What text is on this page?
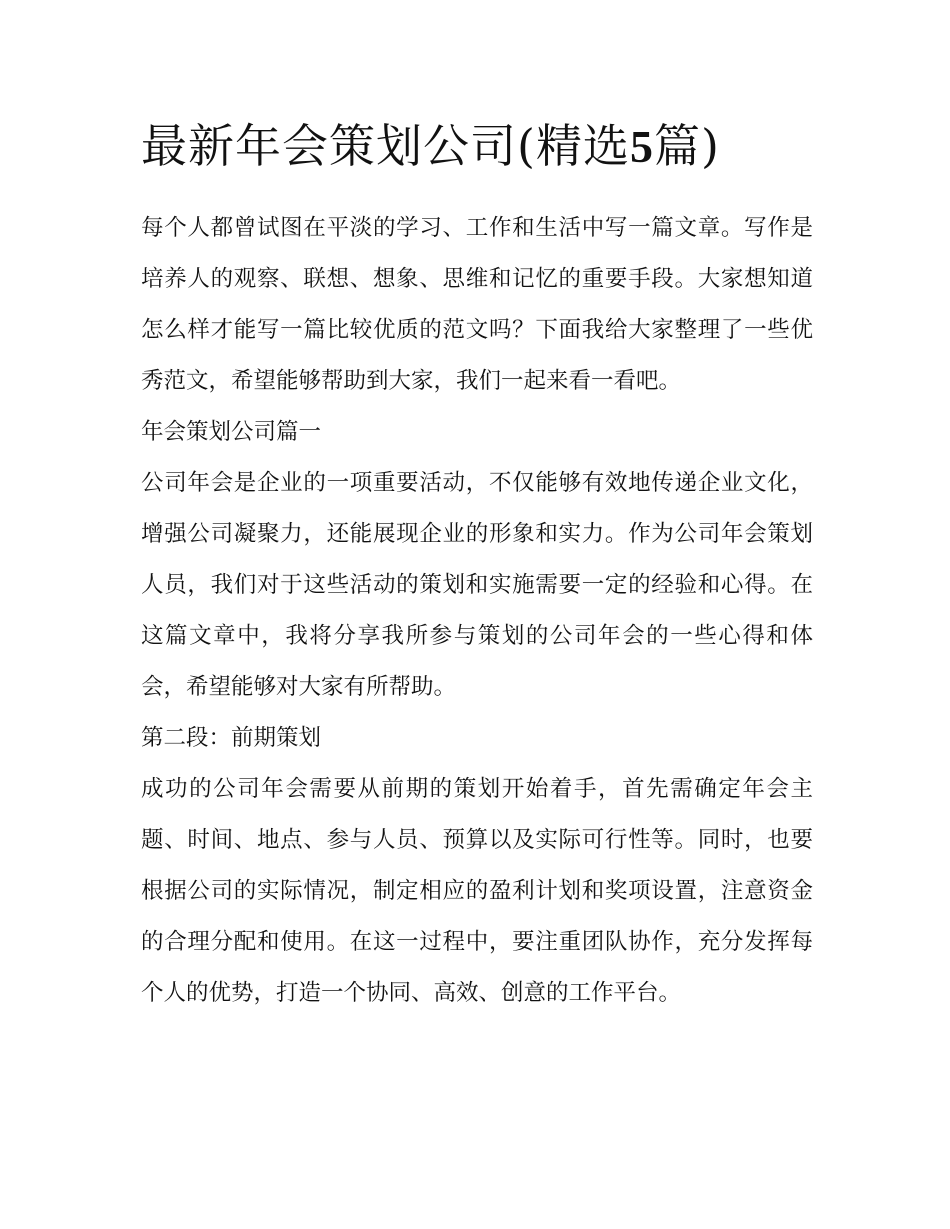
最新年会策划公司(精选5篇)

每个人都曾试图在平淡的学习、工作和生活中写一篇文章。写作是培养人的观察、联想、想象、思维和记忆的重要手段。大家想知道怎么样才能写一篇比较优质的范文吗？下面我给大家整理了一些优秀范文，希望能够帮助到大家，我们一起来看一看吧。

年会策划公司篇一

公司年会是企业的一项重要活动，不仅能够有效地传递企业文化，增强公司凝聚力，还能展现企业的形象和实力。作为公司年会策划人员，我们对于这些活动的策划和实施需要一定的经验和心得。在这篇文章中，我将分享我所参与策划的公司年会的一些心得和体会，希望能够对大家有所帮助。

第二段：前期策划

成功的公司年会需要从前期的策划开始着手，首先需确定年会主题、时间、地点、参与人员、预算以及实际可行性等。同时，也要根据公司的实际情况，制定相应的盈利计划和奖项设置，注意资金的合理分配和使用。在这一过程中，要注重团队协作，充分发挥每个人的优势，打造一个协同、高效、创意的工作平台。
